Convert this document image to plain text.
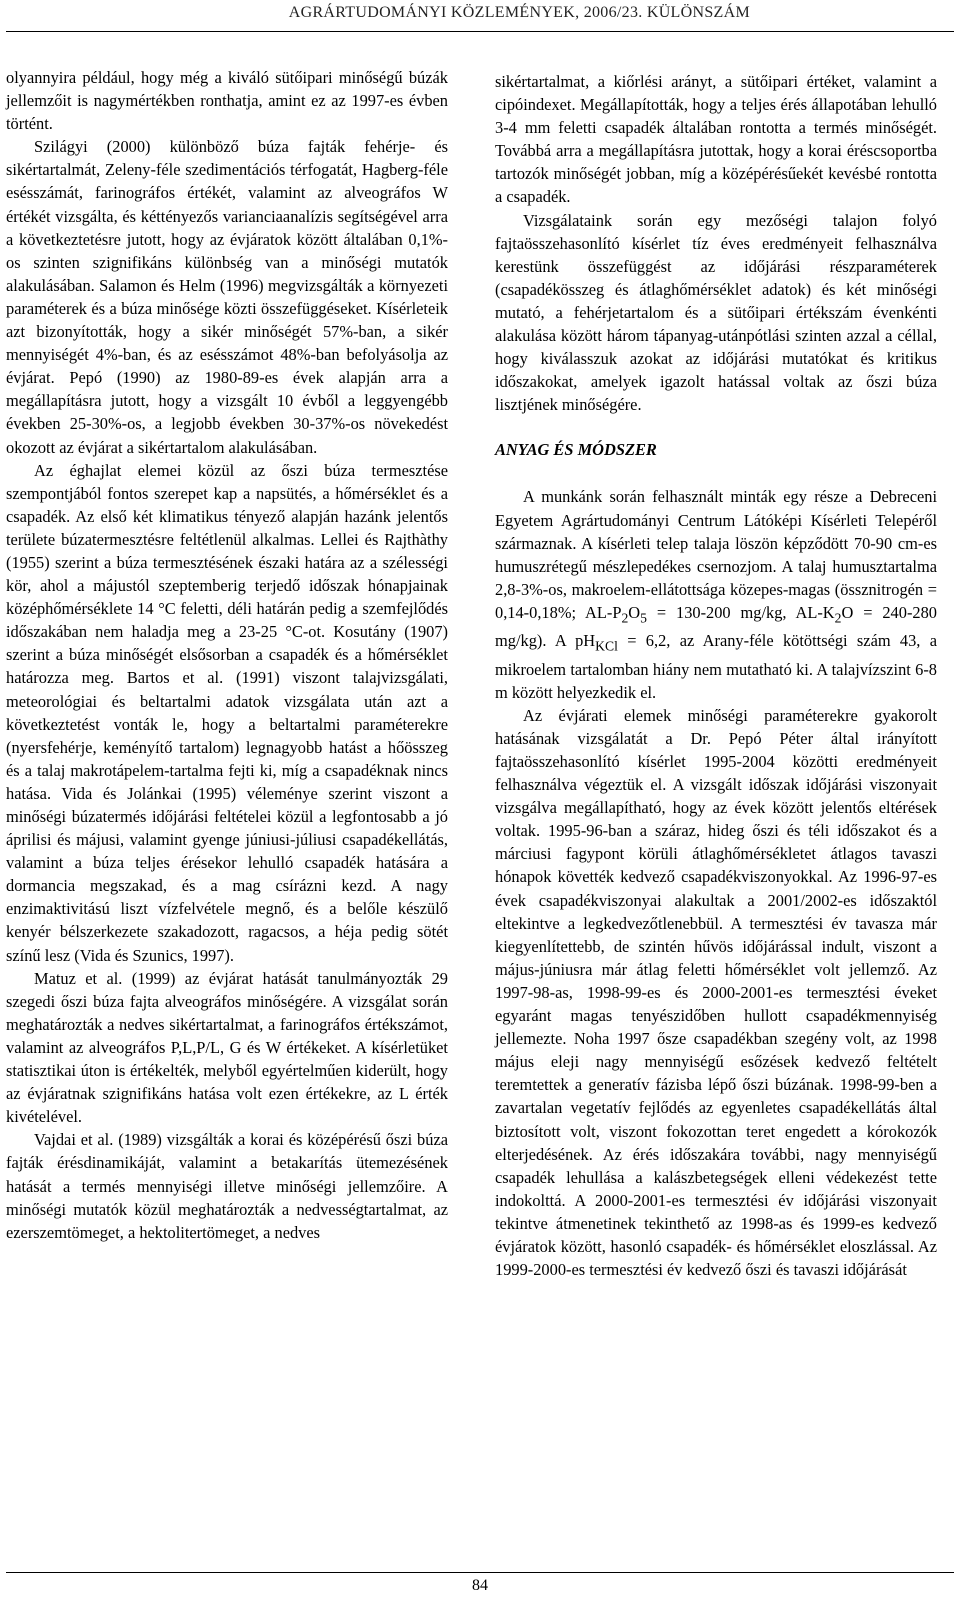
AGRÁRTUDOMÁNYI KÖZLEMÉNYEK, 2006/23. KÜLÖNSZÁM

olyannyira például, hogy még a kiváló sütőipari minőségű búzák jellemzőit is nagymértékben ronthatja, amint ez az 1997-es évben történt.

Szilágyi (2000) különböző búza fajták fehérje- és sikértartalmát, Zeleny-féle szedimentációs térfogatát, Hagberg-féle esésszámát, farinográfos értékét, valamint az alveográfos W értékét vizsgálta, és kéttényezős varianciaanalízis segítségével arra a következtetésre jutott, hogy az évjáratok között általában 0,1%-os szinten szignifikáns különbség van a minőségi mutatók alakulásában. Salamon és Helm (1996) megvizsgálták a környezeti paraméterek és a búza minősége közti összefüggéseket. Kísérleteik azt bizonyították, hogy a sikér minőségét 57%-ban, a sikér mennyiségét 4%-ban, és az esésszámot 48%-ban befolyásolja az évjárat. Pepó (1990) az 1980-89-es évek alapján arra a megállapításra jutott, hogy a vizsgált 10 évből a leggyengébb években 25-30%-os, a legjobb években 30-37%-os növekedést okozott az évjárat a sikértartalom alakulásában.

Az éghajlat elemei közül az őszi búza termesztése szempontjából fontos szerepet kap a napsütés, a hőmérséklet és a csapadék. Az első két klimatikus tényező alapján hazánk jelentős területe búzatermesztésre feltétlenül alkalmas. Lellei és Rajthàthy (1955) szerint a búza termesztésének északi határa az a szélességi kör, ahol a májustól szeptemberig terjedő időszak hónapjainak középhőmérséklete 14 °C feletti, déli határán pedig a szemfejlődés időszakában nem haladja meg a 23-25 °C-ot. Kosutány (1907) szerint a búza minőségét elsősorban a csapadék és a hőmérséklet határozza meg. Bartos et al. (1991) viszont talajvizsgálati, meteorológiai és beltartalmi adatok vizsgálata után azt a következtetést vonták le, hogy a beltartalmi paraméterekre (nyersfehérje, keményítő tartalom) legnagyobb hatást a hőösszeg és a talaj makrotápelem-tartalma fejti ki, míg a csapadéknak nincs hatása. Vida és Jolánkai (1995) véleménye szerint viszont a minőségi búzatermés időjárási feltételei közül a legfontosabb a jó áprilisi és májusi, valamint gyenge júniusi-júliusi csapadékellátás, valamint a búza teljes érésekor lehulló csapadék hatására a dormancia megszakad, és a mag csírázni kezd. A nagy enzimaktivitású liszt vízfelvétele megnő, és a belőle készülő kenyér bélszerkezete szakadozott, ragacsos, a héja pedig sötét színű lesz (Vida és Szunics, 1997).

Matuz et al. (1999) az évjárat hatását tanulmányozták 29 szegedi őszi búza fajta alveográfos minőségére. A vizsgálat során meghatározták a nedves sikértartalmat, a farinográfos értékszámot, valamint az alveográfos P,L,P/L, G és W értékeket. A kísérletüket statisztikai úton is értékelték, melyből egyértelműen kiderült, hogy az évjáratnak szignifikáns hatása volt ezen értékekre, az L érték kivételével.

Vajdai et al. (1989) vizsgálták a korai és középérésű őszi búza fajták érésdinamikáját, valamint a betakarítás ütemezésének hatását a termés mennyiségi illetve minőségi jellemzőire. A minőségi mutatók közül meghatározták a nedvességtartalmat, az ezerszemtömeget, a hektolitertömeget, a nedves

sikértartalmat, a kiőrlési arányt, a sütőipari értéket, valamint a cipóindexet. Megállapították, hogy a teljes érés állapotában lehulló 3-4 mm feletti csapadék általában rontotta a termés minőségét. Továbbá arra a megállapításra jutottak, hogy a korai éréscsoportba tartozók minőségét jobban, míg a középérésűekét kevésbé rontotta a csapadék.

Vizsgálataink során egy mezőségi talajon folyó fajtaösszehasonlító kísérlet tíz éves eredményeit felhasználva kerestünk összefüggést az időjárási részparaméterek (csapadékösszeg és átlaghőmérséklet adatok) és két minőségi mutató, a fehérjetartalom és a sütőipari értékszám évenkénti alakulása között három tápanyag-utánpótlási szinten azzal a céllal, hogy kiválasszuk azokat az időjárási mutatókat és kritikus időszakokat, amelyek igazolt hatással voltak az őszi búza lisztjének minőségére.

ANYAG ÉS MÓDSZER

A munkánk során felhasznált minták egy része a Debreceni Egyetem Agrártudományi Centrum Látóképi Kísérleti Telepéről származnak. A kísérleti telep talaja löszön képződött 70-90 cm-es humuszrétegű mészlepedékes csernozjom. A talaj humusztartalma 2,8-3%-os, makroelem-ellátottsága közepes-magas (össznitrogén = 0,14-0,18%; $AL-P_2O_5 = 130-200$ mg/kg, $AL-K_2O = 240-280$ mg/kg). A $pH_{KCl} = 6,2$, az Arany-féle kötöttségi szám 43, a mikroelem tartalomban hiány nem mutatható ki. A talajvízszint 6-8 m között helyezkedik el.

Az évjárati elemek minőségi paraméterekre gyakorolt hatásának vizsgálatát a Dr. Pepó Péter által irányított fajtaösszehasonlító kísérlet 1995-2004 közötti eredményeit felhasználva végeztük el. A vizsgált időszak időjárási viszonyait vizsgálva megállapítható, hogy az évek között jelentős eltérések voltak. 1995-96-ban a száraz, hideg őszi és téli időszakot és a márciusi fagypont körüli átlaghőmérsékletet átlagos tavaszi hónapok követték kedvező csapadékviszonyokkal. Az 1996-97-es évek csapadékviszonyai alakultak a 2001/2002-es időszaktól eltekintve a legkedvezőtlenebbül. A termesztési év tavasza már kiegyenlítettebb, de szintén hűvös időjárással indult, viszont a május-júniusra már átlag feletti hőmérséklet volt jellemző. Az 1997-98-as, 1998-99-es és 2000-2001-es termesztési éveket egyaránt magas tenyészidőben hullott csapadékmennyiség jellemezte. Noha 1997 ősze csapadékban szegény volt, az 1998 május eleji nagy mennyiségű esőzések kedvező feltételt teremtettek a generatív fázisba lépő őszi búzának. 1998-99-ben a zavartalan vegetatív fejlődés az egyenletes csapadékellátás által biztosított volt, viszont fokozottan teret engedett a kórokozók elterjedésének. Az érés időszakára további, nagy mennyiségű csapadék lehullása a kalászbetegségek elleni védekezést tette indokolttá. A 2000-2001-es termesztési év időjárási viszonyait tekintve átmenetinek tekinthető az 1998-as és 1999-es kedvező évjáratok között, hasonló csapadék- és hőmérséklet eloszlással. Az 1999-2000-es termesztési év kedvező őszi és tavaszi időjárását

84
